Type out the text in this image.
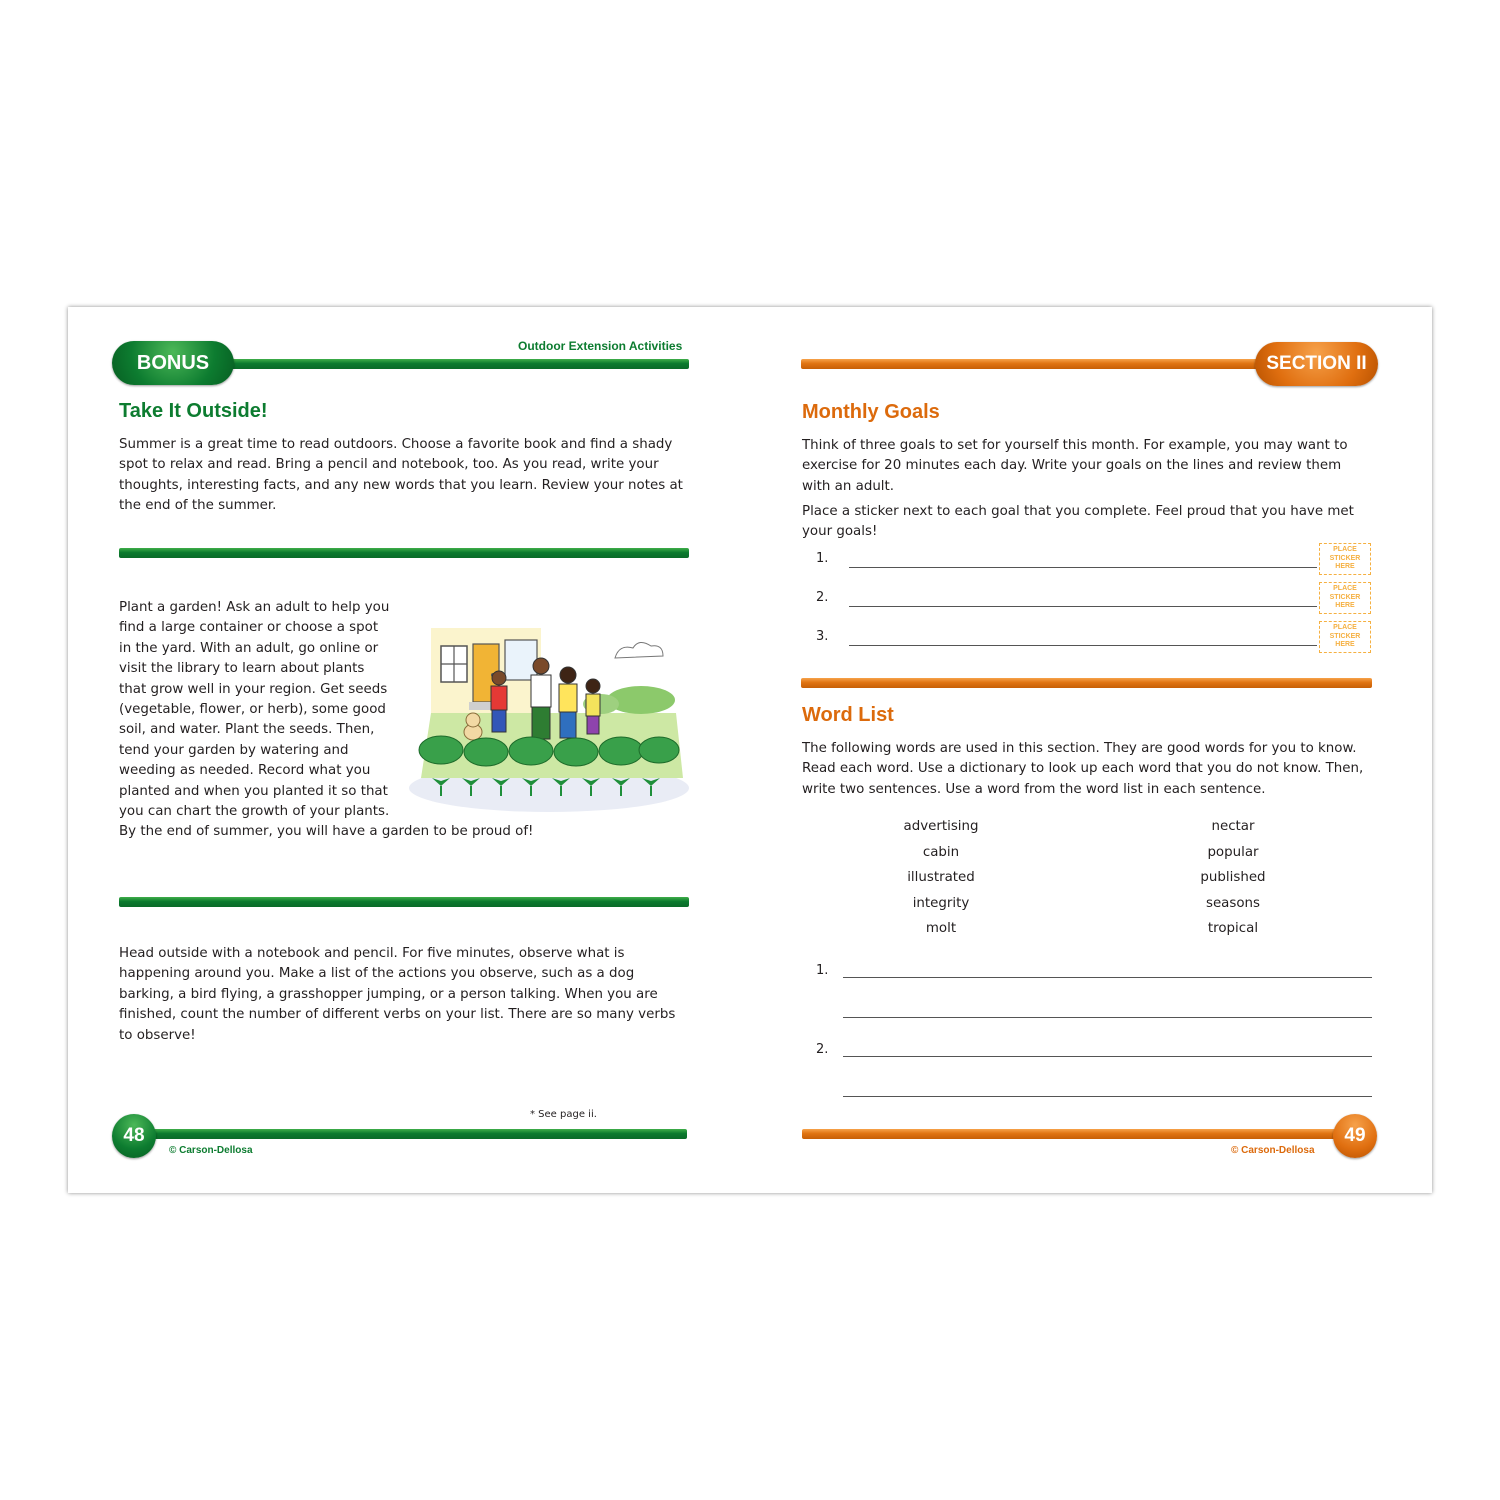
Outdoor Extension Activities
BONUS
Take It Outside!

Summer is a great time to read outdoors. Choose a favorite book and find a shady spot to relax and read. Bring a pencil and notebook, too. As you read, write your thoughts, interesting facts, and any new words that you learn. Review your notes at the end of the summer.

Plant a garden! Ask an adult to help you find a large container or choose a spot in the yard. With an adult, go online or visit the library to learn about plants that grow well in your region. Get seeds (vegetable, flower, or herb), some good soil, and water. Plant the seeds. Then, tend your garden by watering and weeding as needed. Record what you planted and when you planted it so that you can chart the growth of your plants. By the end of summer, you will have a garden to be proud of!

Head outside with a notebook and pencil. For five minutes, observe what is happening around you. Make a list of the actions you observe, such as a dog barking, a bird flying, a grasshopper jumping, or a person talking. When you are finished, count the number of different verbs on your list. There are so many verbs to observe!

* See page ii.
48
© Carson-Dellosa
SECTION II
Monthly Goals

Think of three goals to set for yourself this month. For example, you may want to exercise for 20 minutes each day. Write your goals on the lines and review them with an adult.

Place a sticker next to each goal that you complete. Feel proud that you have met your goals!

1.
PLACE STICKER HERE
2.
PLACE STICKER HERE
3.
PLACE STICKER HERE
Word List

The following words are used in this section. They are good words for you to know. Read each word. Use a dictionary to look up each word that you do not know. Then, write two sentences. Use a word from the word list in each sentence.

advertising
cabin
illustrated
integrity
molt
nectar
popular
published
seasons
tropical
1.
2.
49
© Carson-Dellosa
